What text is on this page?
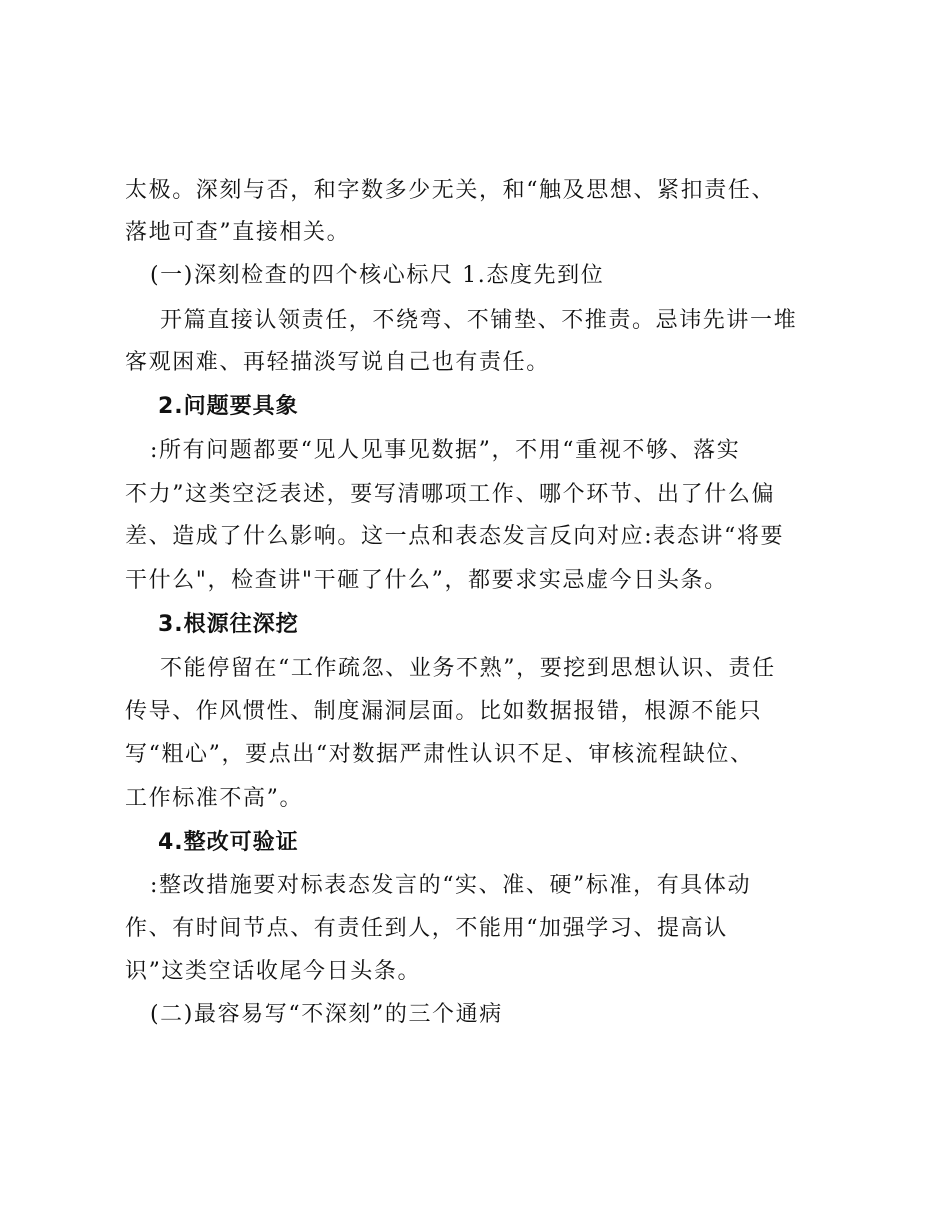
太极。深刻与否，和字数多少无关，和“触及思想、紧扣责任、
落地可查”直接相关。
(一)深刻检查的四个核心标尺 1.态度先到位
开篇直接认领责任，不绕弯、不铺垫、不推责。忌讳先讲一堆
客观困难、再轻描淡写说自己也有责任。
2.问题要具象
:所有问题都要“见人见事见数据”，不用“重视不够、落实
不力”这类空泛表述，要写清哪项工作、哪个环节、出了什么偏
差、造成了什么影响。这一点和表态发言反向对应:表态讲“将要
干什么"，检查讲"干砸了什么”，都要求实忌虚今日头条。
3.根源往深挖
不能停留在“工作疏忽、业务不熟”，要挖到思想认识、责任
传导、作风惯性、制度漏洞层面。比如数据报错，根源不能只
写“粗心”，要点出“对数据严肃性认识不足、审核流程缺位、
工作标准不高”。
4.整改可验证
:整改措施要对标表态发言的“实、准、硬”标准，有具体动
作、有时间节点、有责任到人，不能用“加强学习、提高认
识”这类空话收尾今日头条。
(二)最容易写“不深刻”的三个通病
